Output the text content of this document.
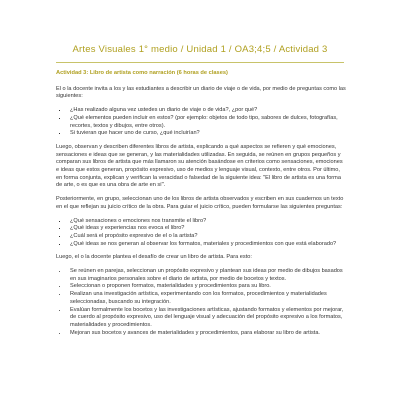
Artes Visuales 1° medio / Unidad 1 / OA3;4;5 / Actividad 3
Actividad 3: Libro de artista como narración (6 horas de clases)

El o la docente invita a los y las estudiantes a describir un diario de viaje o de vida, por medio de preguntas como las siguientes:

▪ ¿Has realizado alguna vez ustedes un diario de viaje o de vida?, ¿por qué?
▪ ¿Qué elementos pueden incluir en estos? (por ejemplo: objetos de todo tipo, sabores de dulces, fotografías, recortes, textos y dibujos, entre otros).
▪ Si tuvieran que hacer uno de curso, ¿qué incluirían?

Luego, observan y describen diferentes libros de artista, explicando a qué aspectos se refieren y qué emociones, sensaciones e ideas que se generan, y las materialidades utilizadas. En seguida, se reúnen en grupos pequeños y comparan sus libros de artista que más llamaron su atención basándose en criterios como sensaciones, emociones e ideas que estos generan, propósito expresivo, uso de medios y lenguaje visual, contexto, entre otros. Por último, en forma conjunta, explican y verifican la veracidad o falsedad de la siguiente idea: "El libro de artista es una forma de arte, o es que es una obra de arte en sí".

Posteriormente, en grupo, seleccionan uno de los libros de artista observados y escriben en sus cuadernos un texto en el que reflejan su juicio crítico de la obra. Para guiar el juicio crítico, pueden formularse las siguientes preguntas:

▪ ¿Qué sensaciones o emociones nos transmite el libro?
▪ ¿Qué ideas y experiencias nos evoca el libro?
▪ ¿Cuál será el propósito expresivo de el o la artista?
▪ ¿Qué ideas se nos generan al observar los formatos, materiales y procedimientos con que está elaborado?

Luego, el o la docente plantea el desafío de crear un libro de artista. Para esto:

• Se reúnen en parejas, seleccionan un propósito expresivo y plantean sus ideas por medio de dibujos basados en sus imaginarios personales sobre el diario de artista, por medio de bocetos y textos.
• Seleccionan o proponen formatos, materialidades y procedimientos para su libro.
• Realizan una investigación artística, experimentando con los formatos, procedimientos y materialidades seleccionadas, buscando su integración.
• Evalúan formalmente los bocetos y las investigaciones artísticas, ajustando formatos y elementos por mejorar, de cuerdo al propósito expresivo, uso del lenguaje visual y adecuación del propósito expresivo a los formatos, materialidades y procedimientos.
• Mejoran sus bocetos y avances de materialidades y procedimientos, para elaborar su libro de artista.
